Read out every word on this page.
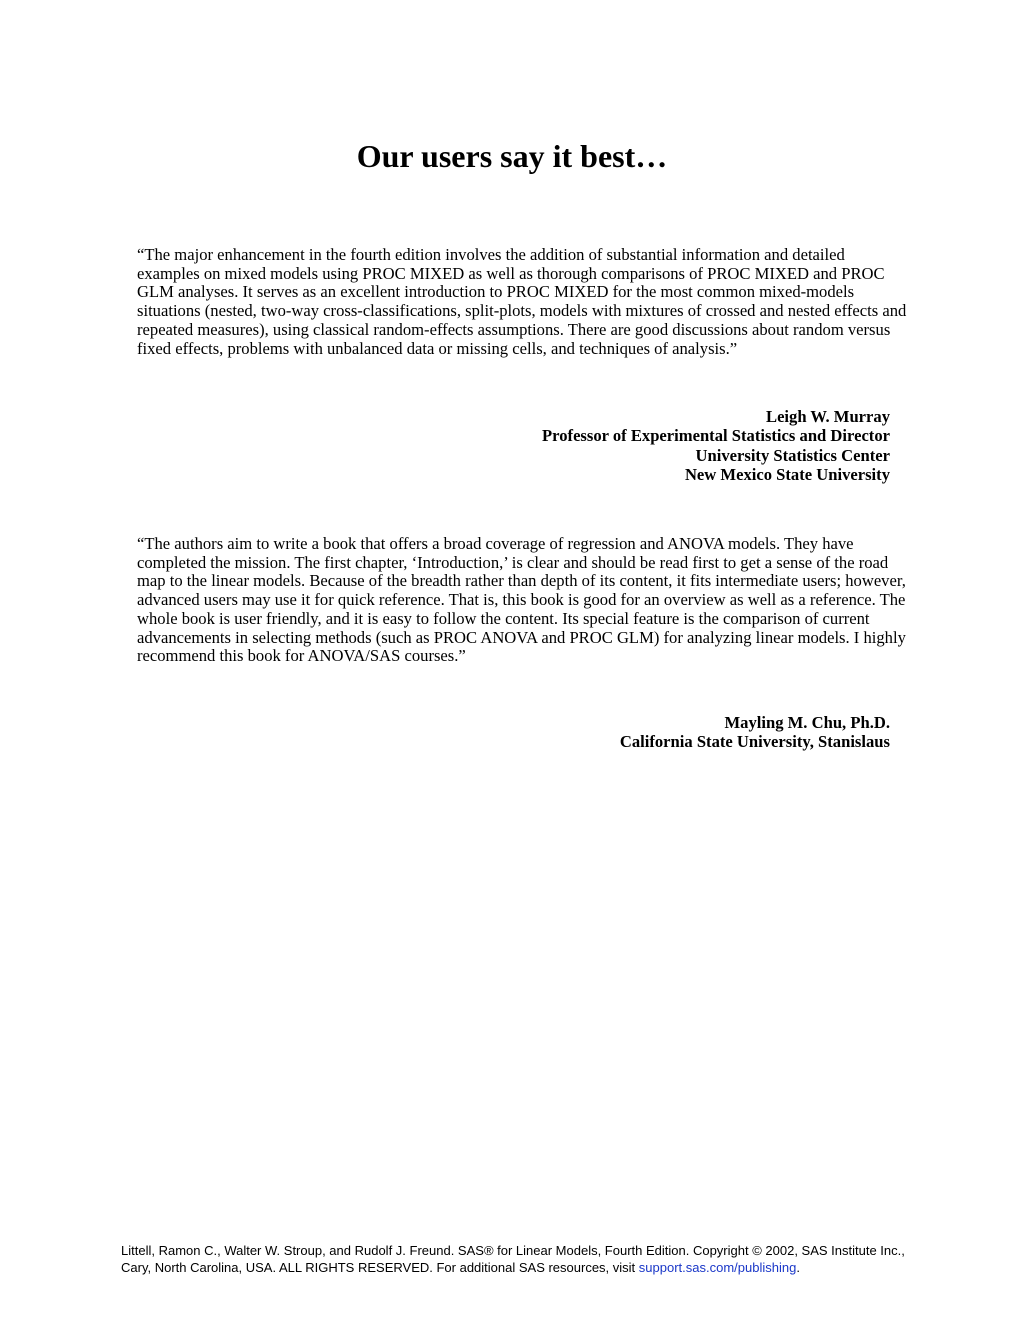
Our users say it best…

“The major enhancement in the fourth edition involves the addition of substantial information and detailed examples on mixed models using PROC MIXED as well as thorough comparisons of PROC MIXED and PROC GLM analyses. It serves as an excellent introduction to PROC MIXED for the most common mixed-models situations (nested, two-way cross-classifications, split-plots, models with mixtures of crossed and nested effects and repeated measures), using classical random-effects assumptions. There are good discussions about random versus fixed effects, problems with unbalanced data or missing cells, and techniques of analysis.”

Leigh W. Murray
Professor of Experimental Statistics and Director
University Statistics Center
New Mexico State University

“The authors aim to write a book that offers a broad coverage of regression and ANOVA models. They have completed the mission. The first chapter, ‘Introduction,’ is clear and should be read first to get a sense of the road map to the linear models. Because of the breadth rather than depth of its content, it fits intermediate users; however, advanced users may use it for quick reference. That is, this book is good for an overview as well as a reference. The whole book is user friendly, and it is easy to follow the content. Its special feature is the comparison of current advancements in selecting methods (such as PROC ANOVA and PROC GLM) for analyzing linear models. I highly recommend this book for ANOVA/SAS courses.”

Mayling M. Chu, Ph.D.
California State University, Stanislaus
Littell, Ramon C., Walter W. Stroup, and Rudolf J. Freund. SAS® for Linear Models, Fourth Edition. Copyright © 2002, SAS Institute Inc.,
Cary, North Carolina, USA. ALL RIGHTS RESERVED. For additional SAS resources, visit support.sas.com/publishing.
